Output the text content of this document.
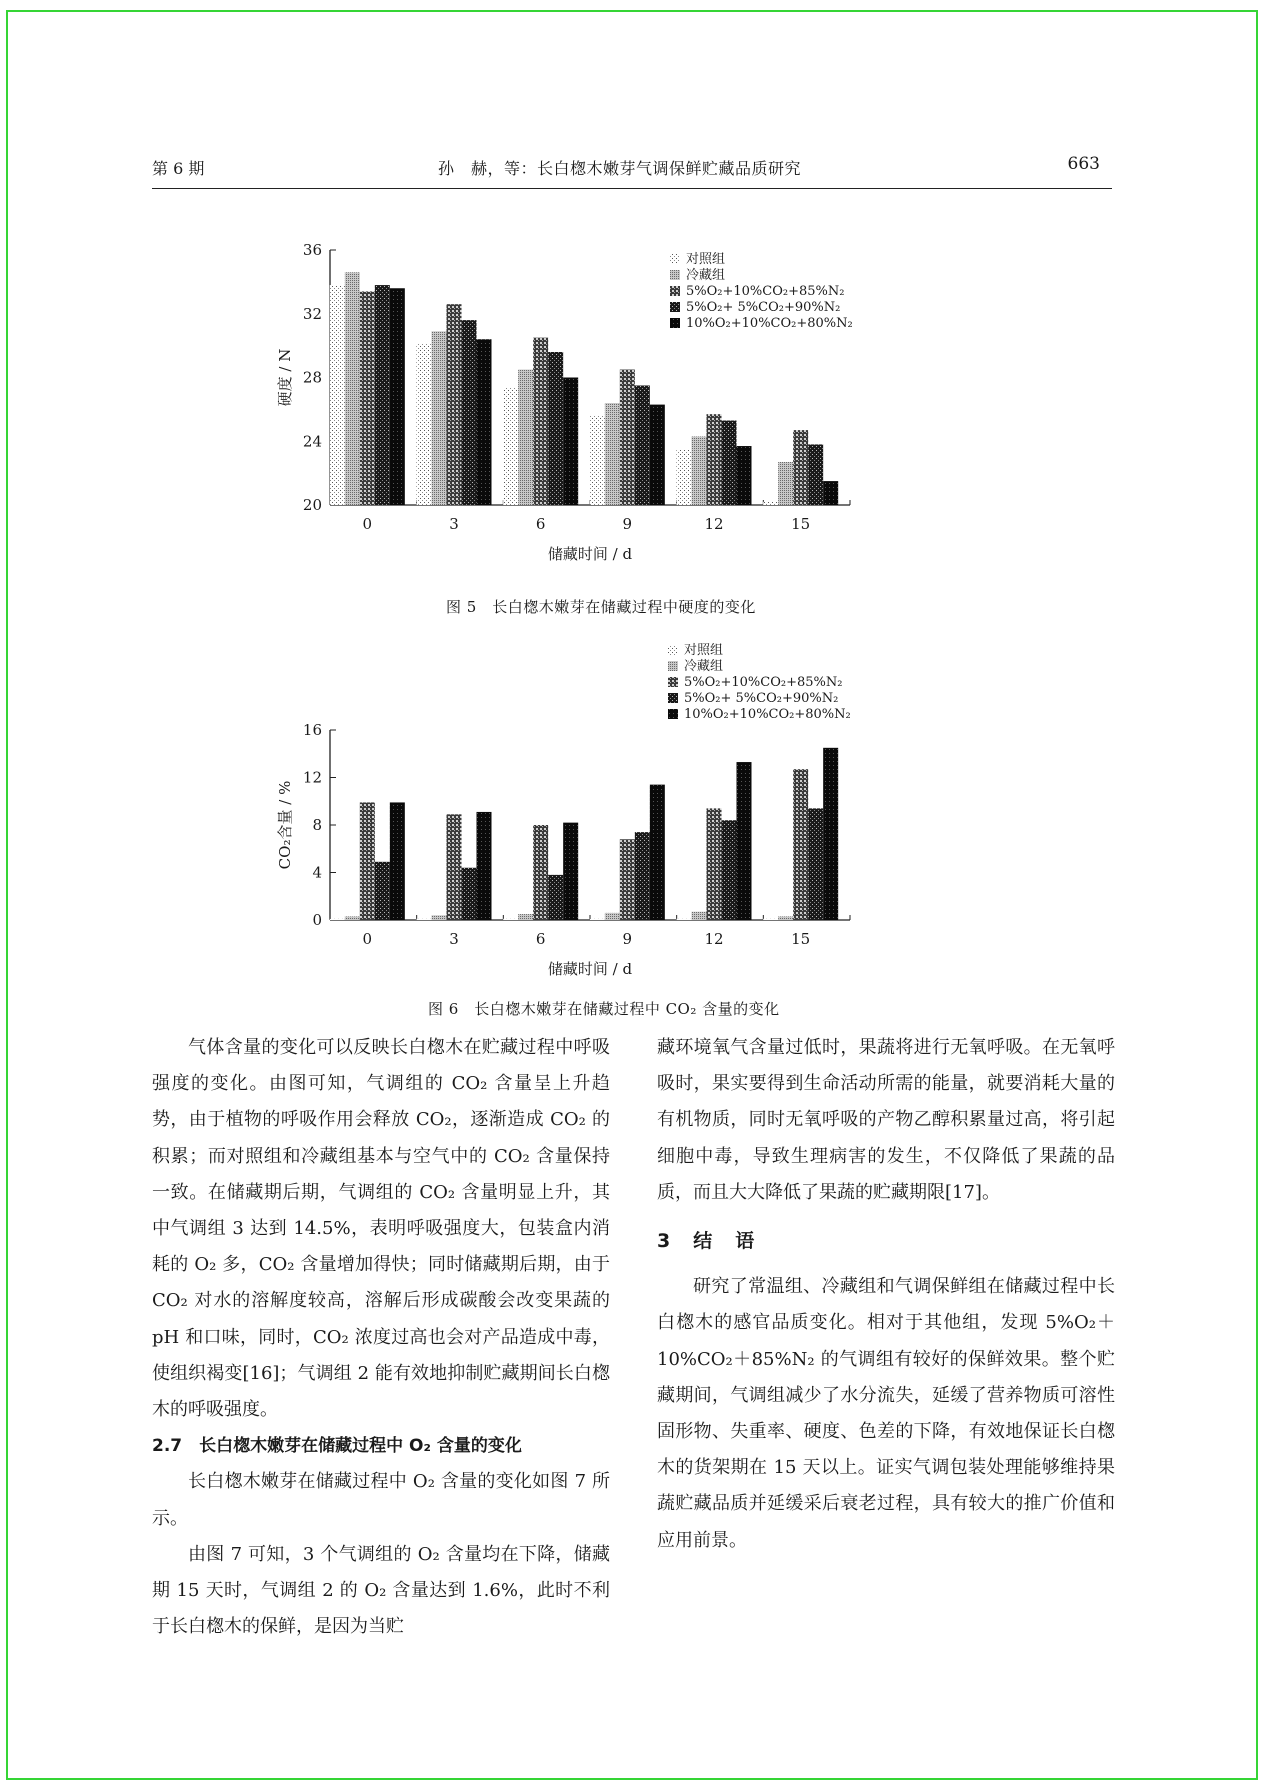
第 6 期	孙　赫，等：长白楤木嫩芽气调保鲜贮藏品质研究	663
20
24
28
32
36
硬度 / N
0	3	6	9	12	15
储藏时间 / d
对照组
冷藏组
5%O₂+10%CO₂+85%N₂
5%O₂+ 5%CO₂+90%N₂
10%O₂+10%CO₂+80%N₂
图 5　长白楤木嫩芽在储藏过程中硬度的变化
0
4
8
12
16
CO₂含量 / %
0	3	6	9	12	15
储藏时间 / d
对照组
冷藏组
5%O₂+10%CO₂+85%N₂
5%O₂+ 5%CO₂+90%N₂
10%O₂+10%CO₂+80%N₂
图 6　长白楤木嫩芽在储藏过程中 CO₂ 含量的变化

气体含量的变化可以反映长白楤木在贮藏过程中呼吸强度的变化。由图可知，气调组的 CO₂ 含量呈上升趋势，由于植物的呼吸作用会释放 CO₂，逐渐造成 CO₂ 的积累；而对照组和冷藏组基本与空气中的 CO₂ 含量保持一致。在储藏期后期，气调组的 CO₂ 含量明显上升，其中气调组 3 达到 14.5%，表明呼吸强度大，包装盒内消耗的 O₂ 多，CO₂ 含量增加得快；同时储藏期后期，由于 CO₂ 对水的溶解度较高，溶解后形成碳酸会改变果蔬的 pH 和口味，同时，CO₂ 浓度过高也会对产品造成中毒，使组织褐变[16]；气调组 2 能有效地抑制贮藏期间长白楤木的呼吸强度。

2.7　长白楤木嫩芽在储藏过程中 O₂ 含量的变化

长白楤木嫩芽在储藏过程中 O₂ 含量的变化如图 7 所示。

由图 7 可知，3 个气调组的 O₂ 含量均在下降，储藏期 15 天时，气调组 2 的 O₂ 含量达到 1.6%，此时不利于长白楤木的保鲜，是因为当贮

藏环境氧气含量过低时，果蔬将进行无氧呼吸。在无氧呼吸时，果实要得到生命活动所需的能量，就要消耗大量的有机物质，同时无氧呼吸的产物乙醇积累量过高，将引起细胞中毒，导致生理病害的发生，不仅降低了果蔬的品质，而且大大降低了果蔬的贮藏期限[17]。

3　结　语

研究了常温组、冷藏组和气调保鲜组在储藏过程中长白楤木的感官品质变化。相对于其他组，发现 5%O₂＋10%CO₂＋85%N₂ 的气调组有较好的保鲜效果。整个贮藏期间，气调组减少了水分流失，延缓了营养物质可溶性固形物、失重率、硬度、色差的下降，有效地保证长白楤木的货架期在 15 天以上。证实气调包装处理能够维持果蔬贮藏品质并延缓采后衰老过程，具有较大的推广价值和应用前景。
